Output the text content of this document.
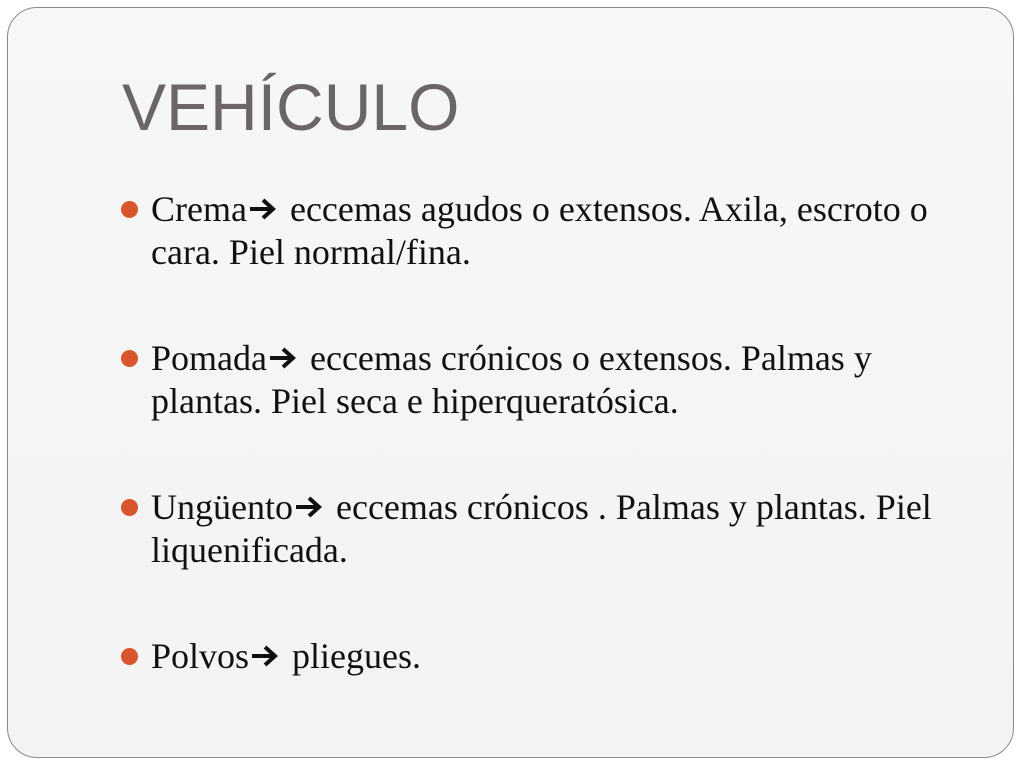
VEHÍCULO
Crema
eccemas agudos o extensos. Axila, escroto o cara. Piel normal/fina.
Pomada
eccemas crónicos o extensos. Palmas y plantas. Piel seca e hiperqueratósica.
Ungüento
eccemas crónicos . Palmas y plantas. Piel liquenificada.
Polvos
pliegues.
